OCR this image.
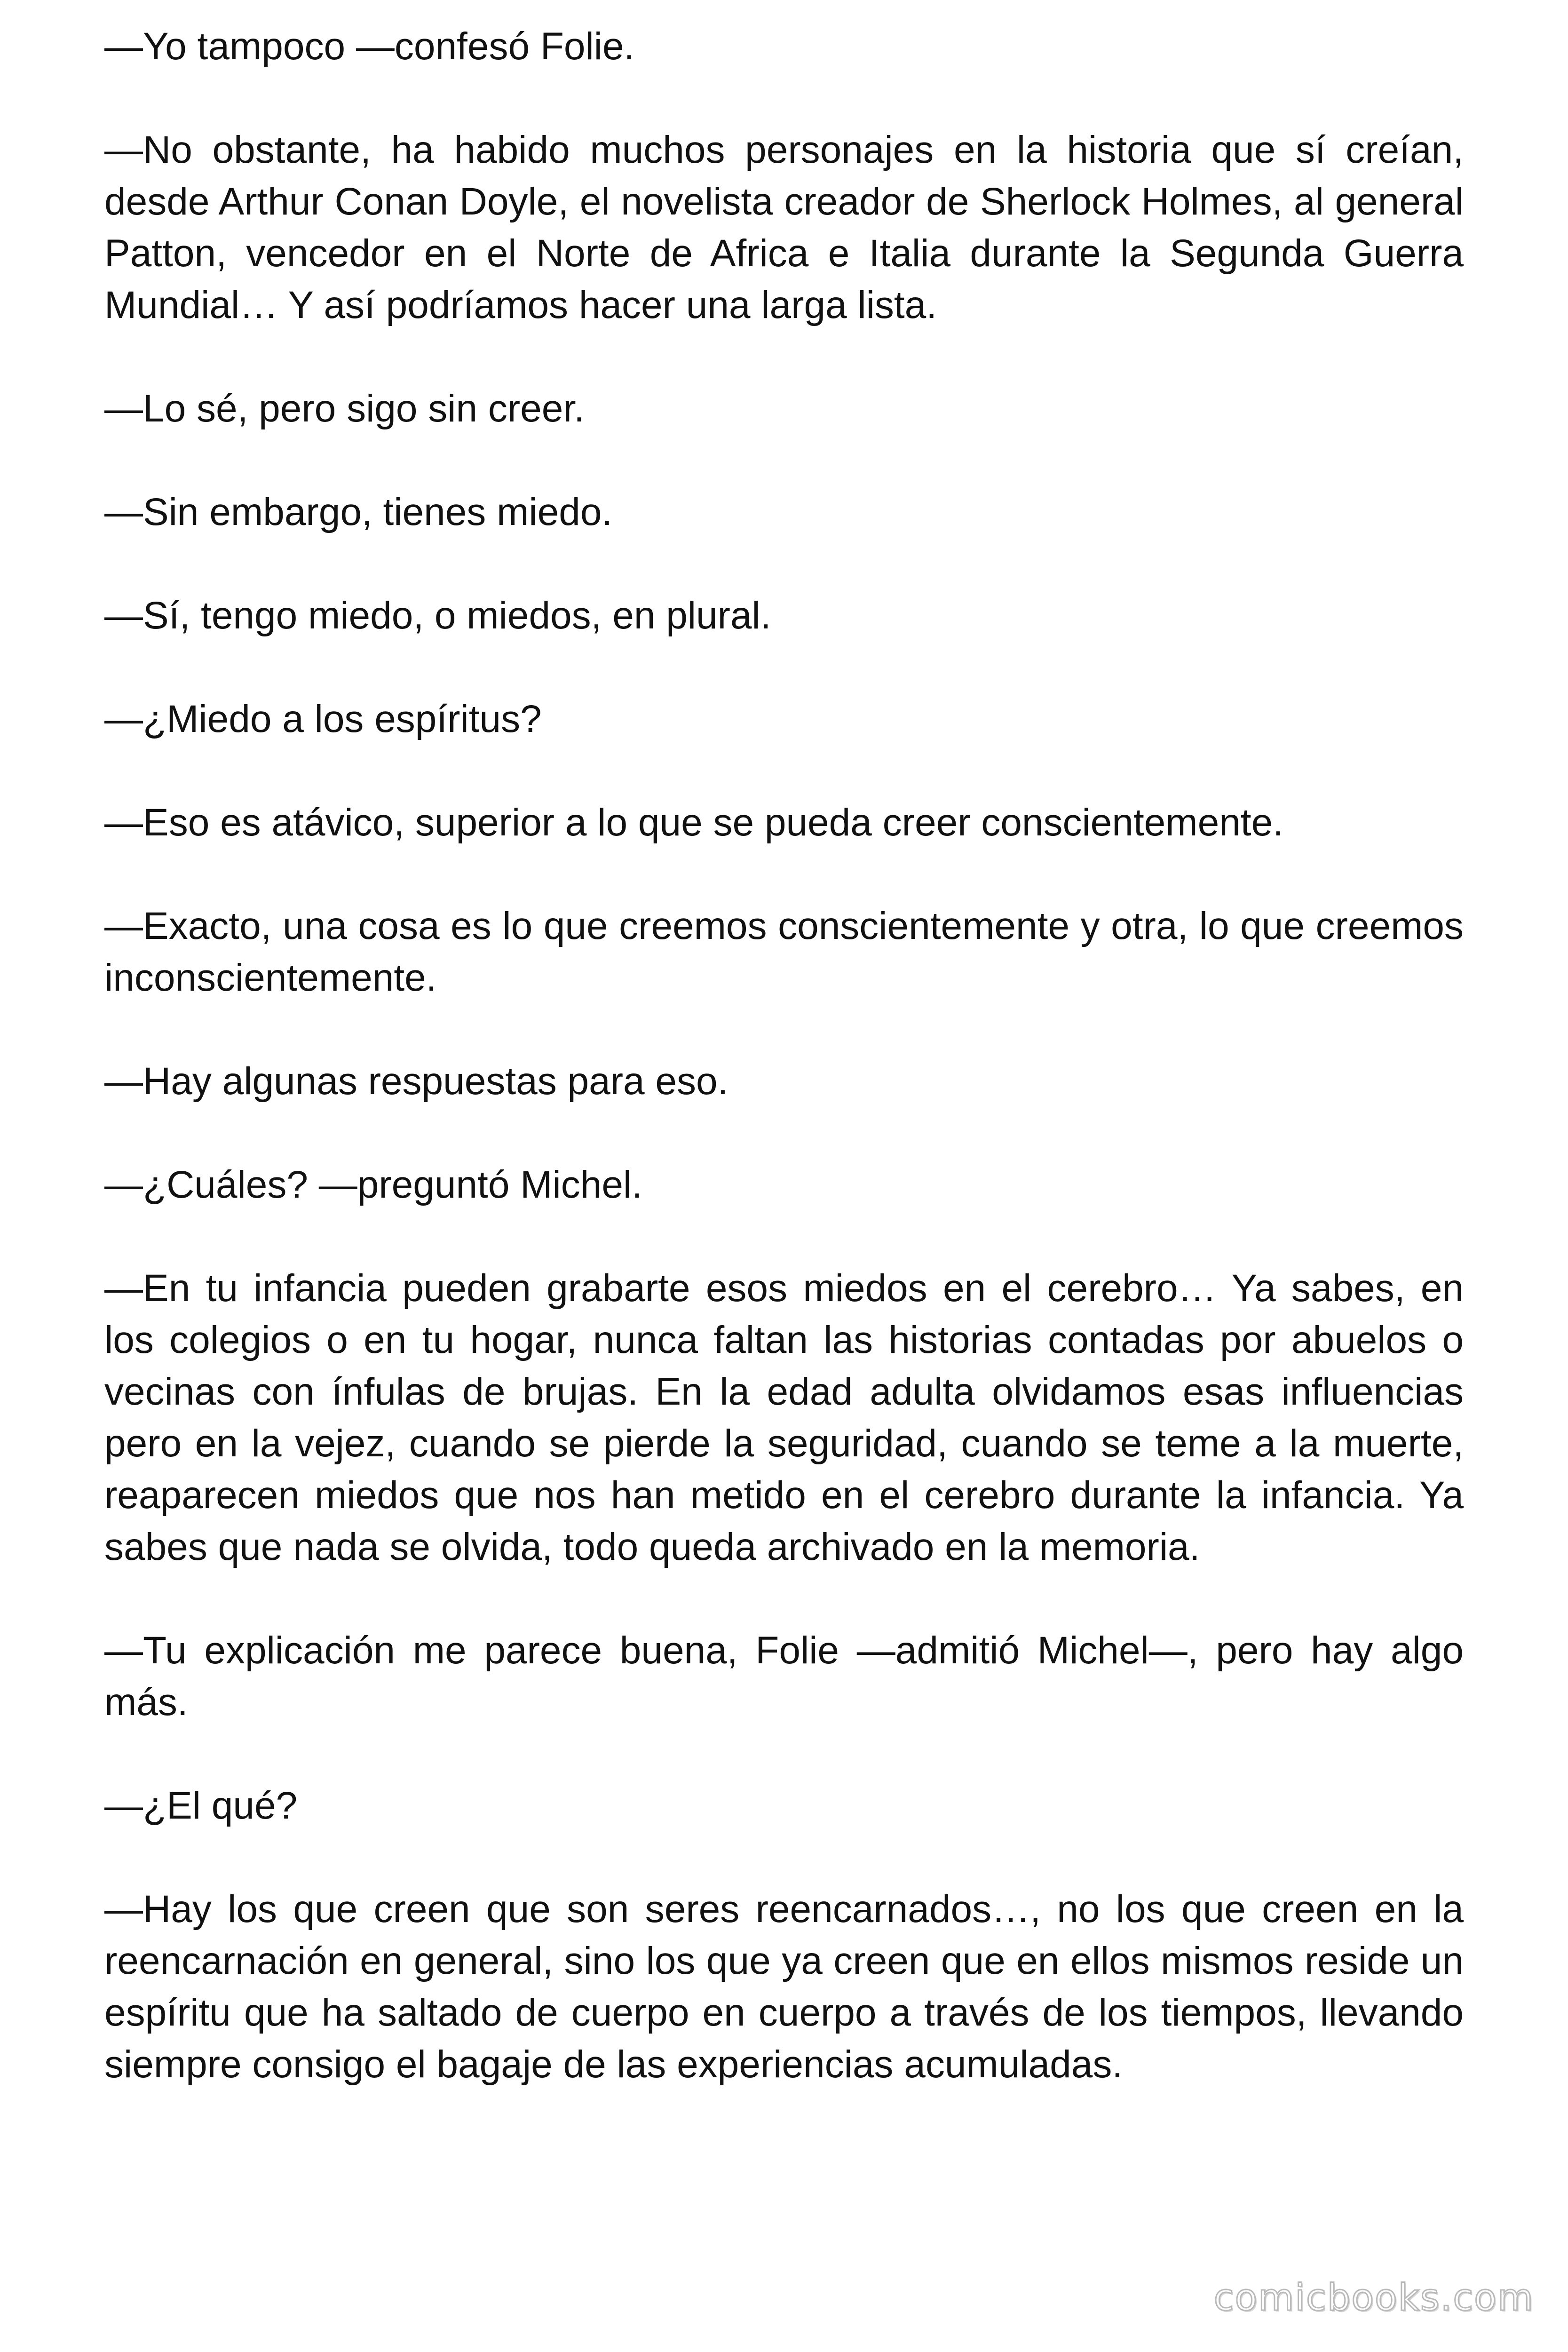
—Yo tampoco —confesó Folie.

—No obstante, ha habido muchos personajes en la historia que sí creían, desde Arthur Conan Doyle, el novelista creador de Sherlock Holmes, al general Patton, vencedor en el Norte de Africa e Italia durante la Segunda Guerra Mundial… Y así podríamos hacer una larga lista.

—Lo sé, pero sigo sin creer.

—Sin embargo, tienes miedo.

—Sí, tengo miedo, o miedos, en plural.

—¿Miedo a los espíritus?

—Eso es atávico, superior a lo que se pueda creer conscientemente.

—Exacto, una cosa es lo que creemos conscientemente y otra, lo que creemos inconscientemente.

—Hay algunas respuestas para eso.

—¿Cuáles? —preguntó Michel.

—En tu infancia pueden grabarte esos miedos en el cerebro… Ya sabes, en los colegios o en tu hogar, nunca faltan las historias contadas por abuelos o vecinas con ínfulas de brujas. En la edad adulta olvidamos esas influencias pero en la vejez, cuando se pierde la seguridad, cuando se teme a la muerte, reaparecen miedos que nos han metido en el cerebro durante la infancia. Ya sabes que nada se olvida, todo queda archivado en la memoria.

—Tu explicación me parece buena, Folie —admitió Michel—, pero hay algo más.

—¿El qué?

—Hay los que creen que son seres reencarnados…, no los que creen en la reencarnación en general, sino los que ya creen que en ellos mismos reside un espíritu que ha saltado de cuerpo en cuerpo a través de los tiempos, llevando siempre consigo el bagaje de las experiencias acumuladas.

comicbooks.com
